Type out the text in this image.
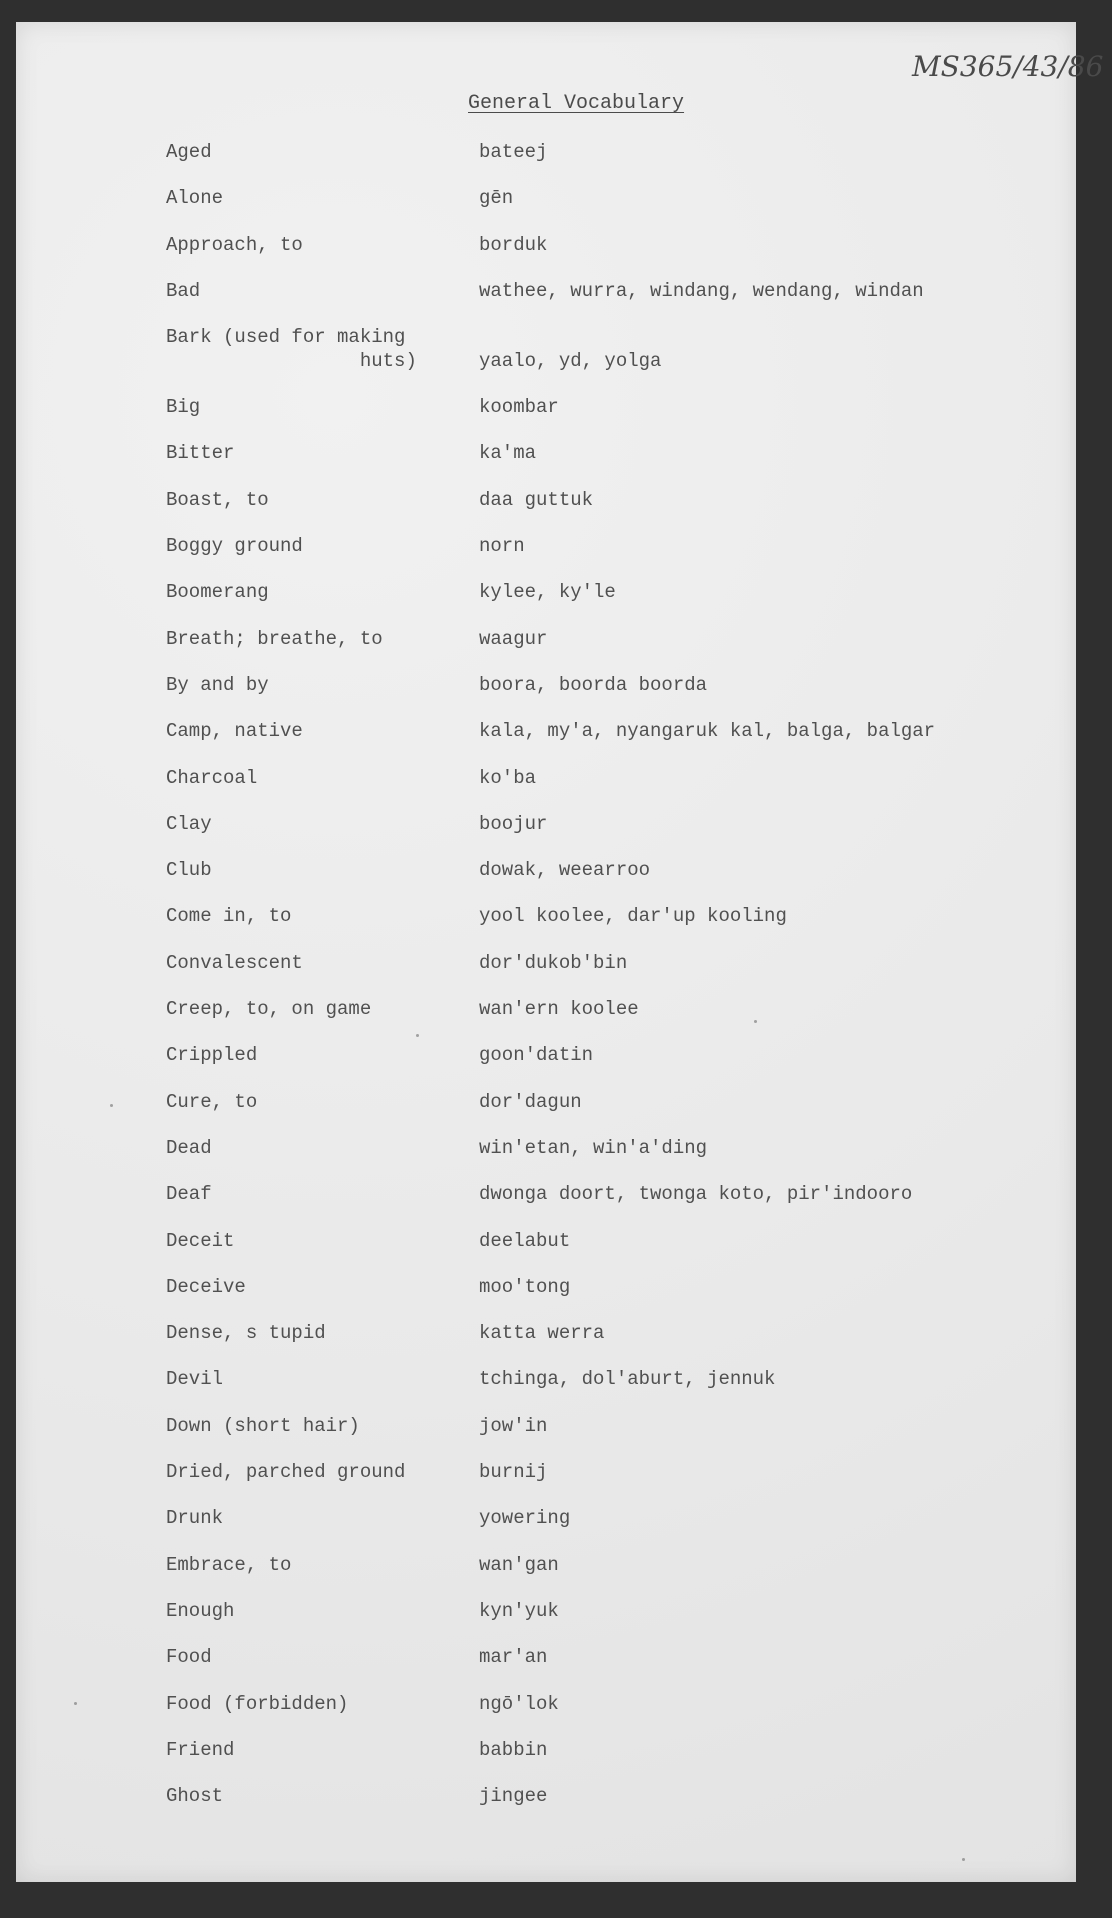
MS365/43/86
General Vocabulary
Aged	bateej
Alone	gēn
Approach, to	borduk
Bad	wathee, wurra, windang, wendang, windan
Bark (used for making
huts)	yaalo, yd, yolga
Big	koombar
Bitter	ka'ma
Boast, to	daa guttuk
Boggy ground	norn
Boomerang	kylee, ky'le
Breath; breathe, to	waagur
By and by	boora, boorda boorda
Camp, native	kala, my'a, nyangaruk kal, balga, balgar
Charcoal	ko'ba
Clay	boojur
Club	dowak, weearroo
Come in, to	yool koolee, dar'up kooling
Convalescent	dor'dukob'bin
Creep, to, on game	wan'ern koolee
Crippled	goon'datin
Cure, to	dor'dagun
Dead	win'etan, win'a'ding
Deaf	dwonga doort, twonga koto, pir'indooro
Deceit	deelabut
Deceive	moo'tong
Dense, s tupid	katta werra
Devil	tchinga, dol'aburt, jennuk
Down (short hair)	jow'in
Dried, parched ground	burnij
Drunk	yowering
Embrace, to	wan'gan
Enough	kyn'yuk
Food	mar'an
Food (forbidden)	ngō'lok
Friend	babbin
Ghost	jingee
